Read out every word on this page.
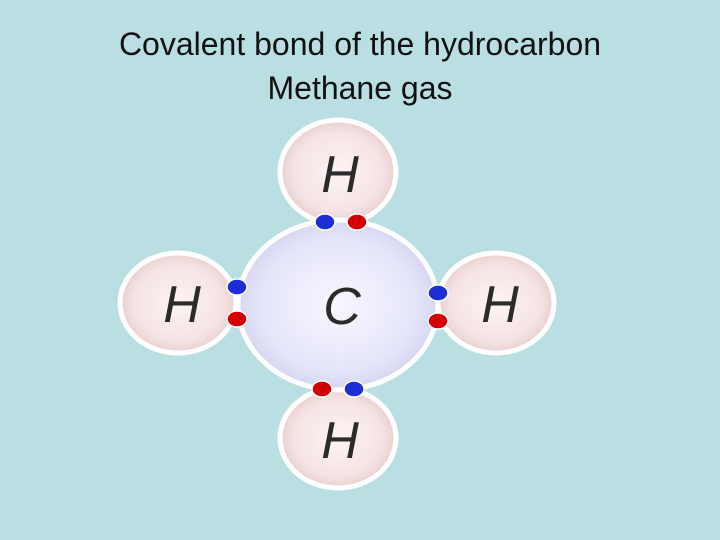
Covalent bond of the hydrocarbon
Methane gas
H
H	H
H
C
